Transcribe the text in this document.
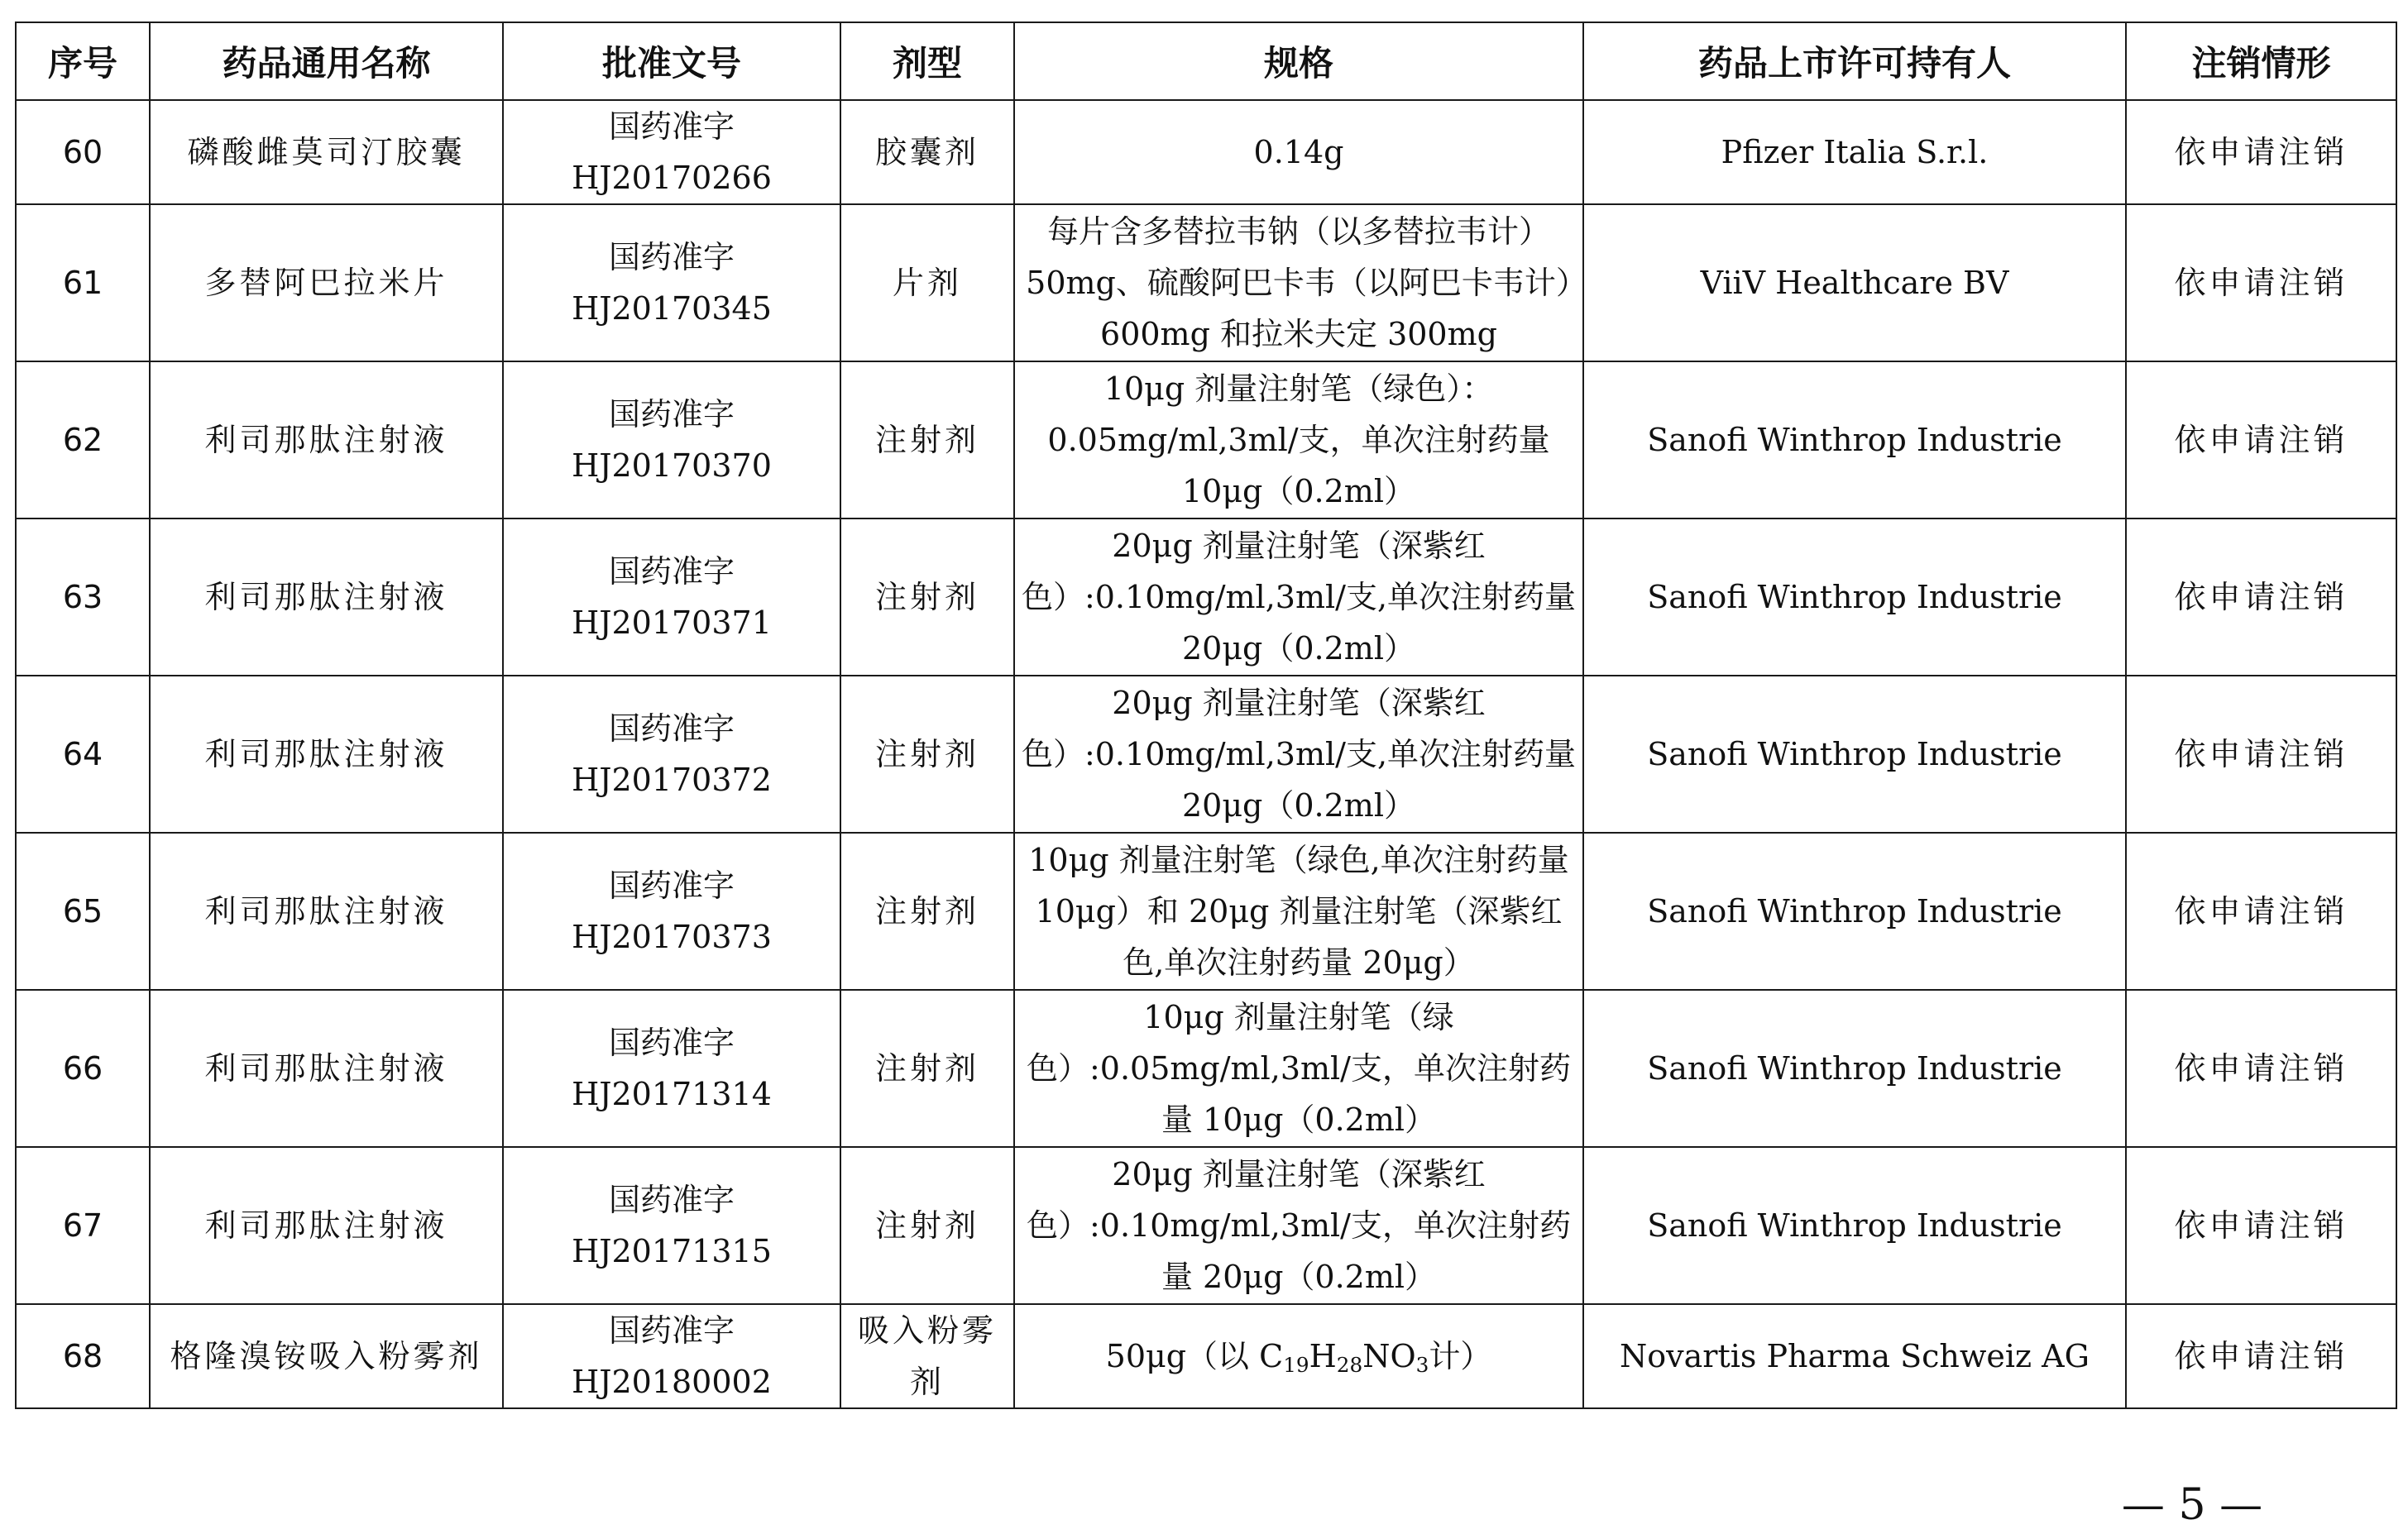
序号	药品通用名称	批准文号	剂型	规格	药品上市许可持有人	注销情形
60	磷酸雌莫司汀胶囊	国药准字 HJ20170266	胶囊剂	0.14g	Pfizer Italia S.r.l.	依申请注销
61	多替阿巴拉米片	国药准字 HJ20170345	片剂	每片含多替拉韦钠（以多替拉韦计）50mg、硫酸阿巴卡韦（以阿巴卡韦计）600mg 和拉米夫定 300mg	ViiV Healthcare BV	依申请注销
62	利司那肽注射液	国药准字 HJ20170370	注射剂	10μg 剂量注射笔（绿色）：0.05mg/ml,3ml/支，单次注射药量 10μg（0.2ml）	Sanofi Winthrop Industrie	依申请注销
63	利司那肽注射液	国药准字 HJ20170371	注射剂	20μg 剂量注射笔（深紫红色）:0.10mg/ml,3ml/支,单次注射药量 20μg（0.2ml）	Sanofi Winthrop Industrie	依申请注销
64	利司那肽注射液	国药准字 HJ20170372	注射剂	20μg 剂量注射笔（深紫红色）:0.10mg/ml,3ml/支,单次注射药量 20μg（0.2ml）	Sanofi Winthrop Industrie	依申请注销
65	利司那肽注射液	国药准字 HJ20170373	注射剂	10μg 剂量注射笔（绿色,单次注射药量 10μg）和 20μg 剂量注射笔（深紫红色,单次注射药量 20μg）	Sanofi Winthrop Industrie	依申请注销
66	利司那肽注射液	国药准字 HJ20171314	注射剂	10μg 剂量注射笔（绿色）:0.05mg/ml,3ml/支，单次注射药量 10μg（0.2ml）	Sanofi Winthrop Industrie	依申请注销
67	利司那肽注射液	国药准字 HJ20171315	注射剂	20μg 剂量注射笔（深紫红色）:0.10mg/ml,3ml/支，单次注射药量 20μg（0.2ml）	Sanofi Winthrop Industrie	依申请注销
68	格隆溴铵吸入粉雾剂	国药准字 HJ20180002	吸入粉雾剂	50μg（以 $C_{19}H_{28}NO_3$计）	Novartis Pharma Schweiz AG	依申请注销
— 5 —
